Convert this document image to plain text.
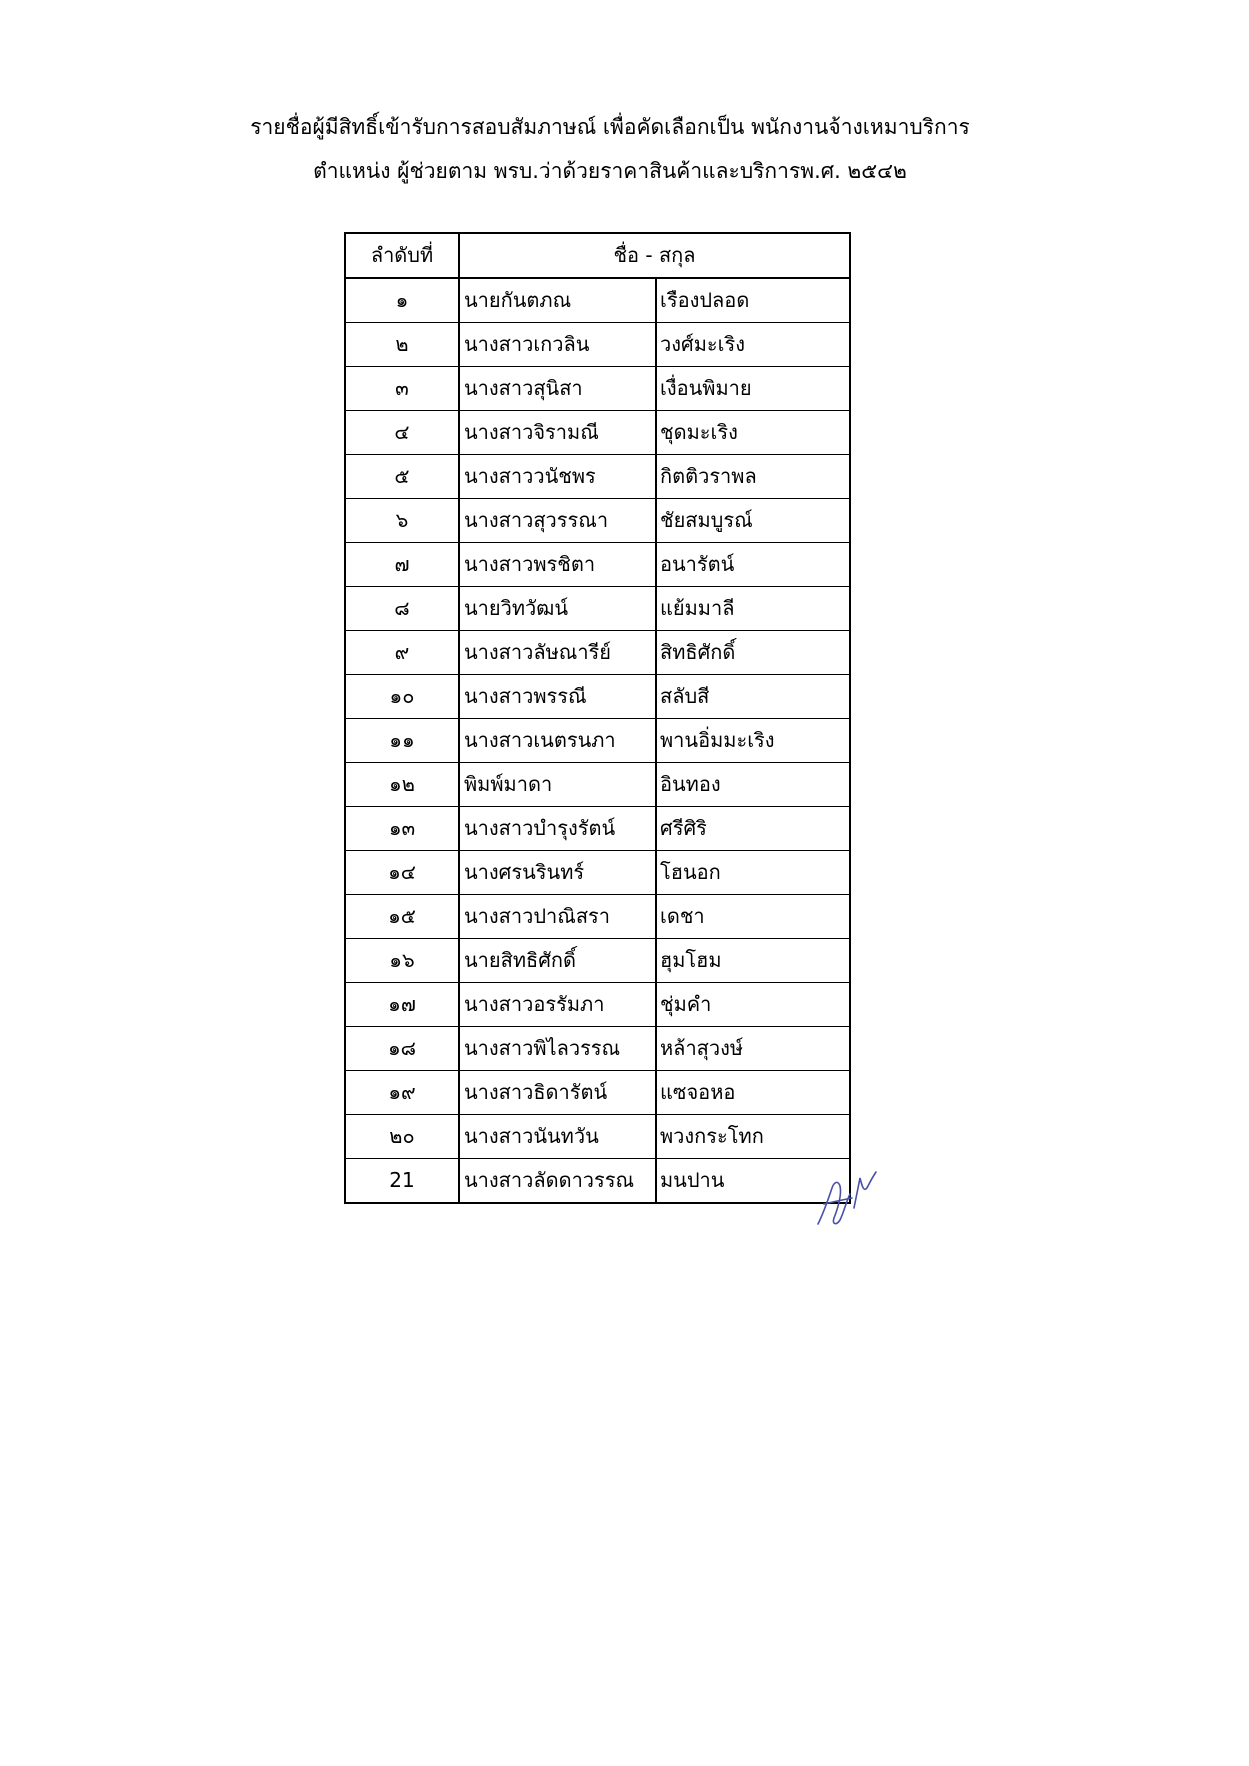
รายชื่อผู้มีสิทธิ์เข้ารับการสอบสัมภาษณ์ เพื่อคัดเลือกเป็น พนักงานจ้างเหมาบริการ
ตำแหน่ง ผู้ช่วยตาม พรบ.ว่าด้วยราคาสินค้าและบริการพ.ศ. ๒๕๔๒
ลำดับที่	ชื่อ - สกุล	
๑	นายกันตภณ	เรืองปลอด
๒	นางสาวเกวลิน	วงศ์มะเริง
๓	นางสาวสุนิสา	เงื่อนพิมาย
๔	นางสาวจิรามณี	ชุดมะเริง
๕	นางสาววนัชพร	กิตติวราพล
๖	นางสาวสุวรรณา	ชัยสมบูรณ์
๗	นางสาวพรชิตา	อนารัตน์
๘	นายวิทวัฒน์	แย้มมาลี
๙	นางสาวลัษณารีย์	สิทธิศักดิ์
๑๐	นางสาวพรรณี	สลับสี
๑๑	นางสาวเนตรนภา	พานอิ่มมะเริง
๑๒	พิมพ์มาดา	อินทอง
๑๓	นางสาวบำรุงรัตน์	ศรีศิริ
๑๔	นางศรนรินทร์	โฮนอก
๑๕	นางสาวปาณิสรา	เดชา
๑๖	นายสิทธิศักดิ์	ฮุมโฮม
๑๗	นางสาวอรรัมภา	ชุ่มคำ
๑๘	นางสาวพิไลวรรณ	หล้าสุวงษ์
๑๙	นางสาวธิดารัตน์	แซจอหอ
๒๐	นางสาวนันทวัน	พวงกระโทก
21	นางสาวลัดดาวรรณ	มนปาน
